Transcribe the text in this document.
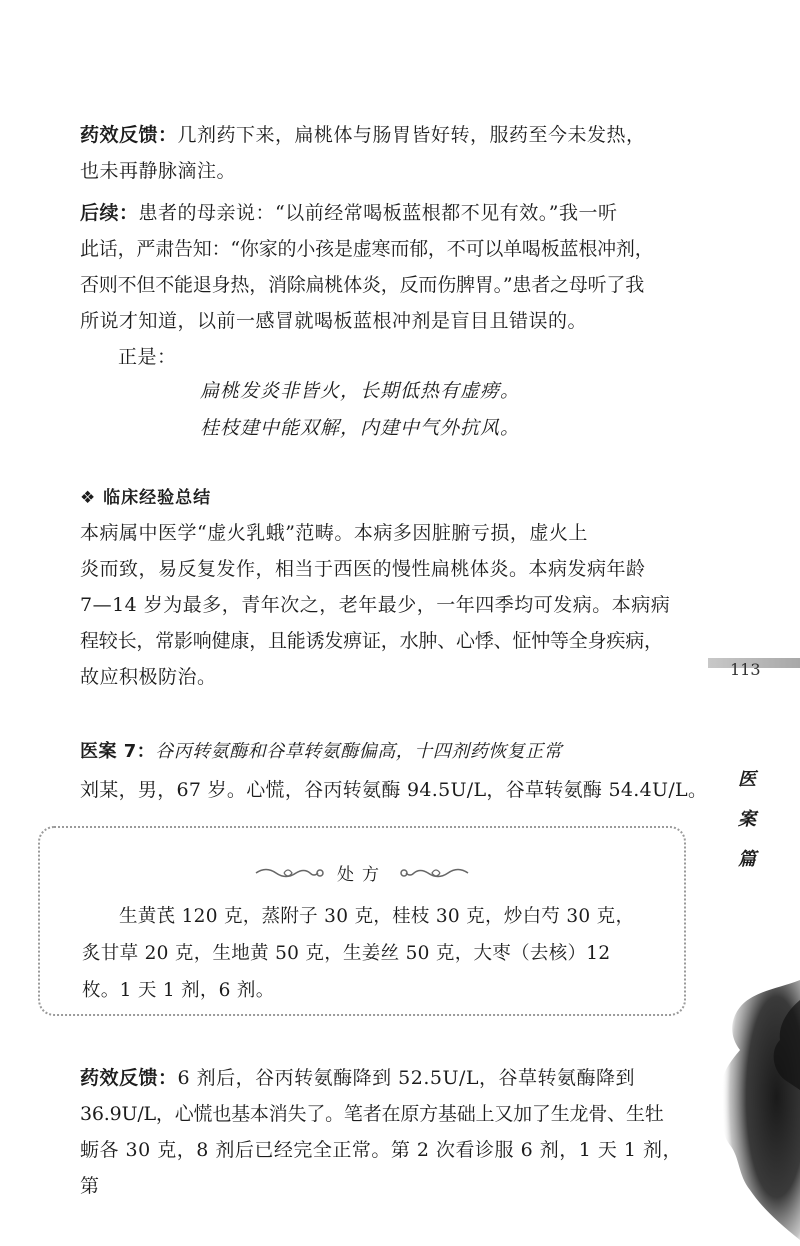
药效反馈：几剂药下来，扁桃体与肠胃皆好转，服药至今未发热，

也未再静脉滴注。

后续：患者的母亲说：“以前经常喝板蓝根都不见有效。”我一听

此话，严肃告知：“你家的小孩是虚寒而郁，不可以单喝板蓝根冲剂，

否则不但不能退身热，消除扁桃体炎，反而伤脾胃。”患者之母听了我

所说才知道，以前一感冒就喝板蓝根冲剂是盲目且错误的。

正是：

扁桃发炎非皆火，长期低热有虚痨。
桂枝建中能双解，内建中气外抗风。
❖ 临床经验总结

本病属中医学“虚火乳蛾”范畴。本病多因脏腑亏损，虚火上

炎而致，易反复发作，相当于西医的慢性扁桃体炎。本病发病年龄

7—14 岁为最多，青年次之，老年最少，一年四季均可发病。本病病

程较长，常影响健康，且能诱发痹证，水肿、心悸、怔忡等全身疾病，

故应积极防治。

医案 7：谷丙转氨酶和谷草转氨酶偏高，十四剂药恢复正常
刘某，男，67 岁。心慌，谷丙转氨酶 94.5U/L，谷草转氨酶 54.4U/L。
处方
生黄芪 120 克，蒸附子 30 克，桂枝 30 克，炒白芍 30 克，
炙甘草 20 克，生地黄 50 克，生姜丝 50 克，大枣（去核）12
枚。1 天 1 剂，6 剂。

药效反馈：6 剂后，谷丙转氨酶降到 52.5U/L，谷草转氨酶降到

36.9U/L，心慌也基本消失了。笔者在原方基础上又加了生龙骨、生牡

蛎各 30 克，8 剂后已经完全正常。第 2 次看诊服 6 剂，1 天 1 剂，第

113
医
案
篇
